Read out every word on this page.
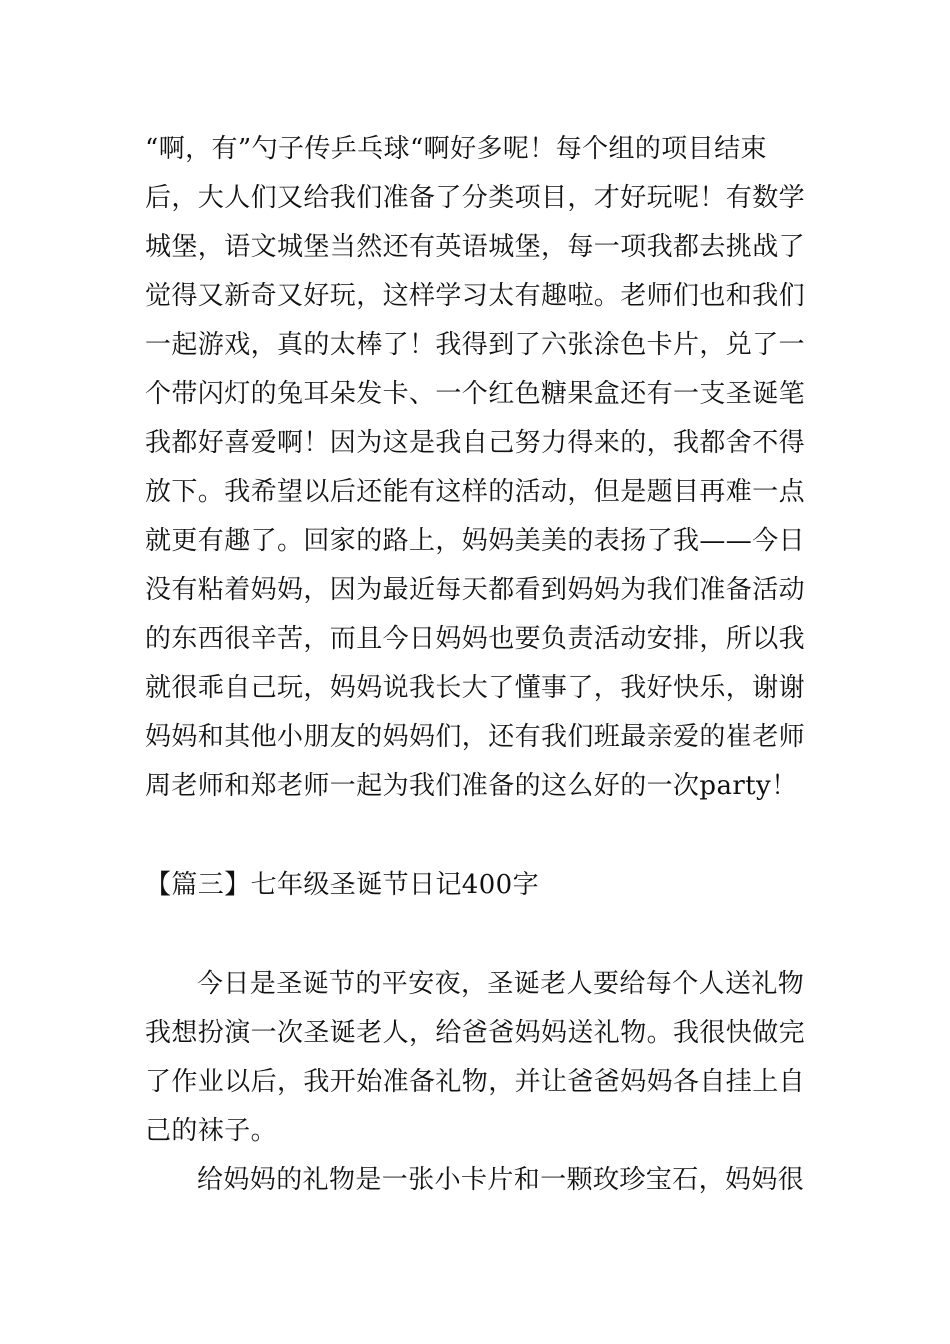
“啊，有”勺子传乒乓球“啊好多呢！每个组的项目结束
后，大人们又给我们准备了分类项目，才好玩呢！有数学
城堡，语文城堡当然还有英语城堡，每一项我都去挑战了
觉得又新奇又好玩，这样学习太有趣啦。老师们也和我们
一起游戏，真的太棒了！我得到了六张涂色卡片，兑了一
个带闪灯的兔耳朵发卡、一个红色糖果盒还有一支圣诞笔
我都好喜爱啊！因为这是我自己努力得来的，我都舍不得
放下。我希望以后还能有这样的活动，但是题目再难一点
就更有趣了。回家的路上，妈妈美美的表扬了我——今日
没有粘着妈妈，因为最近每天都看到妈妈为我们准备活动
的东西很辛苦，而且今日妈妈也要负责活动安排，所以我
就很乖自己玩，妈妈说我长大了懂事了，我好快乐，谢谢
妈妈和其他小朋友的妈妈们，还有我们班最亲爱的崔老师
周老师和郑老师一起为我们准备的这么好的一次party！
【篇三】七年级圣诞节日记400字
今日是圣诞节的平安夜，圣诞老人要给每个人送礼物
我想扮演一次圣诞老人，给爸爸妈妈送礼物。我很快做完
了作业以后，我开始准备礼物，并让爸爸妈妈各自挂上自
己的袜子。
给妈妈的礼物是一张小卡片和一颗玫珍宝石，妈妈很
